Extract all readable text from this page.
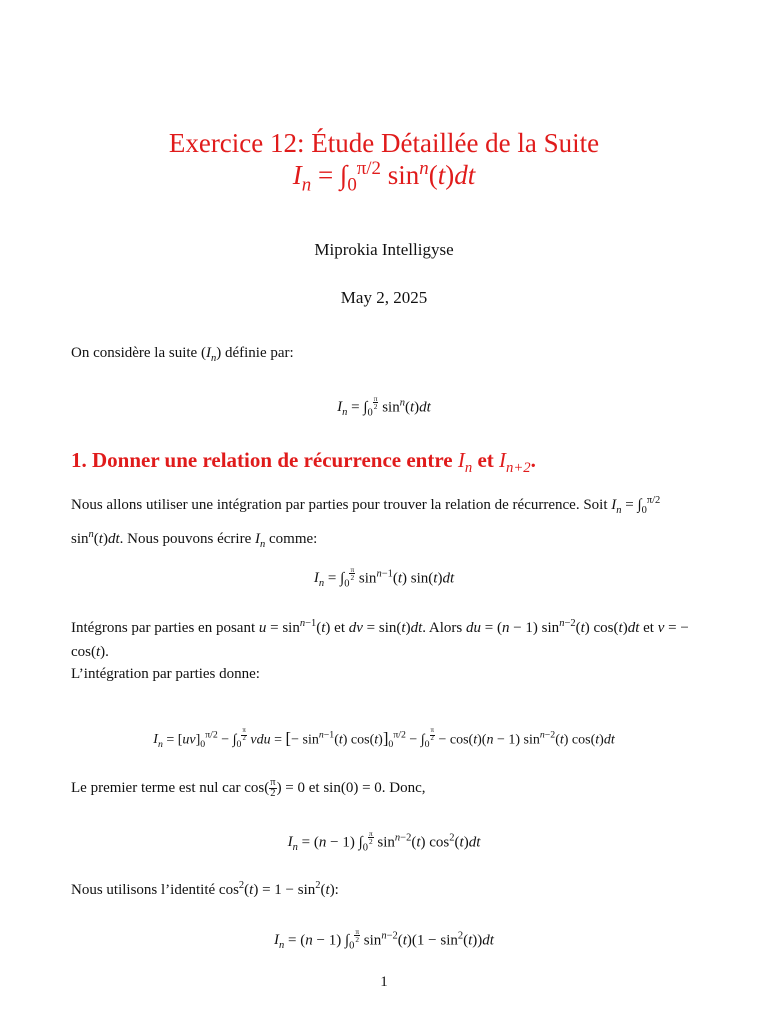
Exercice 12: Étude Détaillée de la Suite
$I_n = \int_0^{\pi/2}$ $\sin^n(t)dt$
Miprokia Intelligyse
May 2, 2025
On considère la suite $(I_n)$ définie par:
$I_n = \int_0$
$^{\frac{\pi}{2}}$ $\sin^n(t)dt$
1. Donner une relation de récurrence entre $I_n$ et $I_{n+2}$.
Nous allons utiliser une intégration par parties pour trouver la relation de récurrence. Soit $I_n = \int_0^{\pi/2}$ $\sin^n(t)dt$. Nous pouvons écrire $I_n$ comme:
$I_n = \int_0$
$^{\frac{\pi}{2}}$ $\sin^{n-1}(t)$ sin(t)dt
Intégrons par parties en posant $u = \sin^{n-1}(t)$ et dv = sin(t)dt. Alors du = (n − 1) $\sin^{n-2}(t)$ cos(t)dt et v = − cos(t).
L’intégration par parties donne:
$I_n = [uv]_0^{\pi/2} - \int_0$
$^{\frac{\pi}{2}}$ vdu = [− $\sin^{n-1}(t) \cos(t)]_0^{\pi/2} - \int_0$
$^{\frac{\pi}{2}}$ − cos(t)(n − 1) $\sin^{n-2}(t)$ cos(t)dt
Le premier terme est nul car $\cos( \frac{\pi}{2}$ ) = 0 et sin(0) = 0. Donc,
$I_n = (n - 1)$ $\int_0$
$^{\frac{\pi}{2}}$ $\sin^{n-2}(t)$ $\cos^2(t)dt$
Nous utilisons l’identité $\cos^2(t) = 1 - \sin^2(t)$:
$I_n = (n - 1)$ $\int_0$
$^{\frac{\pi}{2}}$ $\sin^{n-2}(t)(1 - \sin^2(t))dt$
1
